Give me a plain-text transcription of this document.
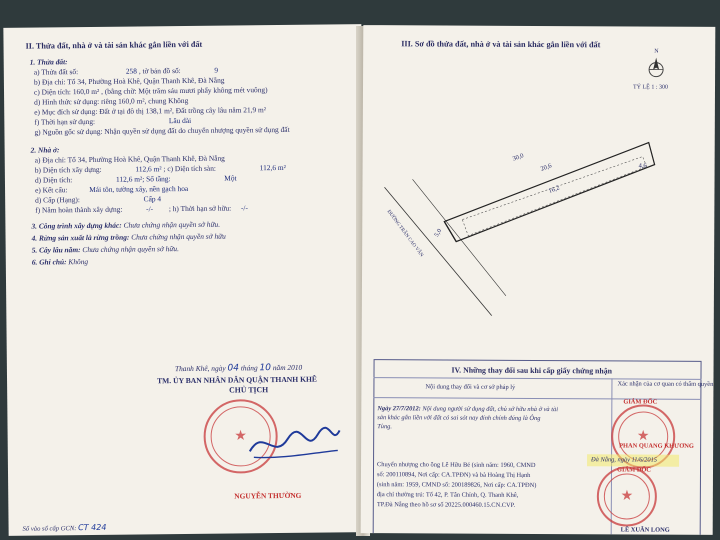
II. Thửa đất, nhà ở và tài sản khác gắn liền với đất
1. Thửa đất:
a) Thửa đất số:	258 , tờ bản đồ số:	9
b) Địa chỉ: Tổ 34, Phường Hoà Khê, Quận Thanh Khê, Đà Nẵng
c) Diện tích: 160,0 m² , (bằng chữ: Một trăm sáu mươi phẩy không mét vuông)
d) Hình thức sử dụng: riêng 160,0 m², chung Không
e) Mục đích sử dụng: Đất ở tại đô thị 138,1 m², Đất trồng cây lâu năm 21,9 m²
f) Thời hạn sử dụng:	Lâu dài
g) Nguồn gốc sử dụng: Nhận quyền sử dụng đất do chuyển nhượng quyền sử dụng đất
2. Nhà ở:
a) Địa chỉ: Tổ 34, Phường Hoà Khê, Quận Thanh Khê, Đà Nẵng
b) Diện tích xây dựng:	112,6 m² ; c) Diện tích sàn:	112,6 m²
d) Diện tích:	112,6 m²; Số tầng:	Một
e) Kết cấu:	Mái tôn, tường xây, nền gạch hoa
d) Cấp (Hạng):	Cấp 4
f) Năm hoàn thành xây dựng:	-/- ; h) Thời hạn sở hữu: -/-
3. Công trình xây dựng khác: Chưa chứng nhận quyền sở hữu.
4. Rừng sản xuất là rừng trồng: Chưa chứng nhận quyền sở hữu
5. Cây lâu năm: Chưa chứng nhận quyền sở hữu.
6. Ghi chú: Không
Thanh Khê, ngày 04 tháng 10 năm 2010
TM. ỦY BAN NHÂN DÂN QUẬN THANH KHÊ
CHỦ TỊCH
★
NGUYỄN THƯỜNG
Số vào sổ cấp GCN: CT 424
III. Sơ đồ thửa đất, nhà ở và tài sản khác gắn liền với đất
N
TỶ LỆ 1 : 300
30,0
20,6
16,2
5,0
4,6
ĐƯỜNG TRẦN CAO VÂN
IV. Những thay đổi sau khi cấp giấy chứng nhận
Nội dung thay đổi và cơ sở pháp lý	Xác nhận của cơ quan có thẩm quyền
Ngày 27/7/2012: Nội dung người sử dụng đất, chủ sở hữu nhà ở và tài
sản khác gắn liền với đất có sai sót nay đính chính đúng là Ông
Tùng.
GIÁM ĐỐC
★
PHAN QUANG KHƯƠNG
Đà Nẵng, ngày 11/6/2015
GIÁM ĐỐC
★
Chuyển nhượng cho ông Lê Hữu Bé (sinh năm: 1960, CMND
số: 200110894, Nơi cấp: CA.TPĐN) và bà Hoàng Thị Hạnh
(sinh năm: 1959, CMND số: 200189826, Nơi cấp: CA.TPĐN)
địa chỉ thường trú: Tổ 42, P. Tân Chính, Q. Thanh Khê,
TP.Đà Nẵng theo hồ sơ số 20225.000460.15.CN.CVP.
LÊ XUÂN LONG
